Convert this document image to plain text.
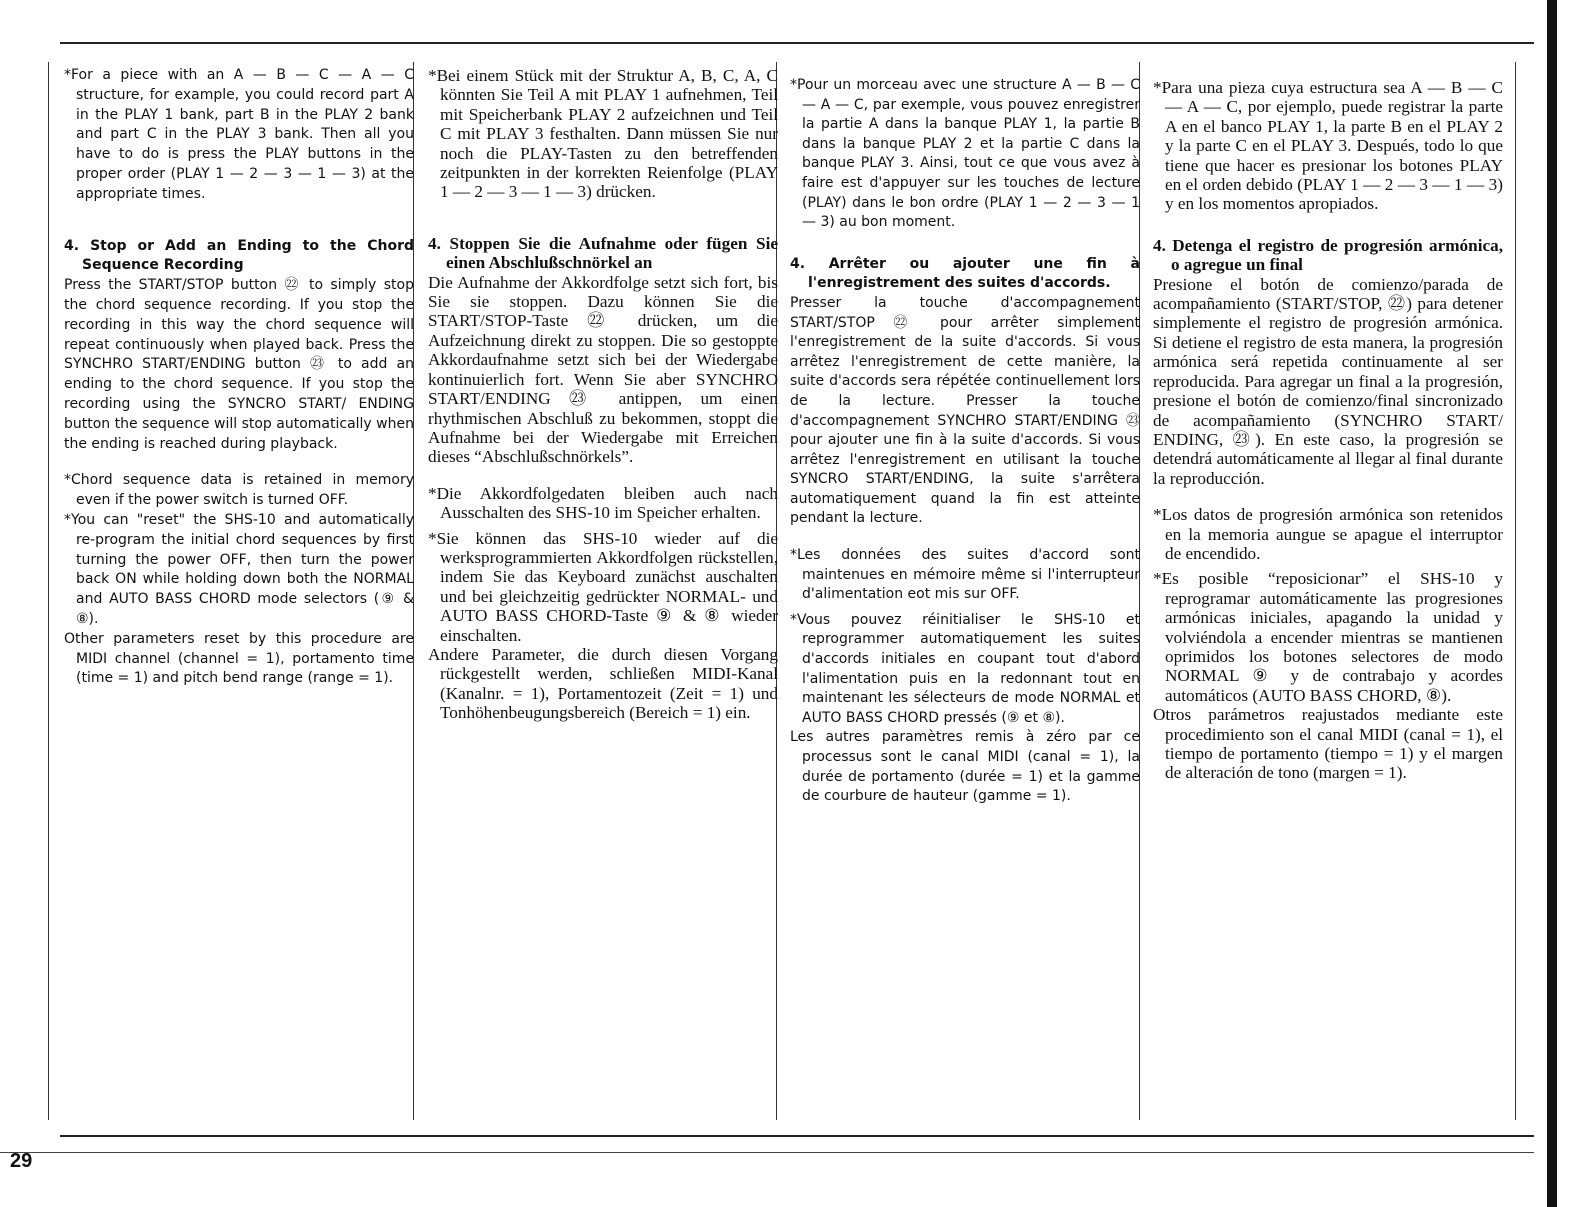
*For a piece with an A — B — C — A — C structure, for example, you could record part A in the PLAY 1 bank, part B in the PLAY 2 bank and part C in the PLAY 3 bank. Then all you have to do is press the PLAY buttons in the proper order (PLAY 1 — 2 — 3 — 1 — 3) at the appropriate times.

4. Stop or Add an Ending to the Chord Sequence Recording

Press the START/STOP button ㉒ to simply stop the chord sequence recording. If you stop the recording in this way the chord sequence will repeat continuously when played back. Press the SYNCHRO START/ENDING button ㉓ to add an ending to the chord sequence. If you stop the recording using the SYNCRO START/ ENDING button the sequence will stop automatically when the ending is reached during playback.

*Chord sequence data is retained in memory even if the power switch is turned OFF.

*You can "reset" the SHS-10 and automatically re-program the initial chord sequences by first turning the power OFF, then turn the power back ON while holding down both the NORMAL and AUTO BASS CHORD mode selectors (⑨ & ⑧).

Other parameters reset by this procedure are MIDI channel (channel = 1), portamento time (time = 1) and pitch bend range (range = 1).

*Bei einem Stück mit der Struktur A, B, C, A, C könnten Sie Teil A mit PLAY 1 aufnehmen, Teil mit Speicherbank PLAY 2 aufzeichnen und Teil C mit PLAY 3 festhalten. Dann müssen Sie nur noch die PLAY-Tasten zu den betreffenden zeitpunkten in der korrekten Reienfolge (PLAY 1 — 2 — 3 — 1 — 3) drücken.

4. Stoppen Sie die Aufnahme oder fügen Sie einen Abschlußschnörkel an

Die Aufnahme der Akkordfolge setzt sich fort, bis Sie sie stoppen. Dazu können Sie die START/STOP-Taste ㉒ drücken, um die Aufzeichnung direkt zu stoppen. Die so gestoppte Akkordaufnahme setzt sich bei der Wiedergabe kontinuierlich fort. Wenn Sie aber SYNCHRO START/ENDING ㉓ antippen, um einen rhythmischen Abschluß zu bekommen, stoppt die Aufnahme bei der Wiedergabe mit Erreichen dieses “Abschlußschnörkels”.

*Die Akkordfolgedaten bleiben auch nach Ausschalten des SHS-10 im Speicher erhalten.

*Sie können das SHS-10 wieder auf die werksprogrammierten Akkordfolgen rückstellen, indem Sie das Keyboard zunächst auschalten und bei gleichzeitig gedrückter NORMAL- und AUTO BASS CHORD-Taste ⑨ & ⑧ wieder einschalten.

Andere Parameter, die durch diesen Vorgang rückgestellt werden, schließen MIDI-Kanal (Kanalnr. = 1), Portamentozeit (Zeit = 1) und Tonhöhenbeugungsbereich (Bereich = 1) ein.

*Pour un morceau avec une structure A — B — C — A — C, par exemple, vous pouvez enregistrer la partie A dans la banque PLAY 1, la partie B dans la banque PLAY 2 et la partie C dans la banque PLAY 3. Ainsi, tout ce que vous avez à faire est d'appuyer sur les touches de lecture (PLAY) dans le bon ordre (PLAY 1 — 2 — 3 — 1 — 3) au bon moment.

4. Arrêter ou ajouter une fin à l'enregistrement des suites d'accords.

Presser la touche d'accompagnement START/STOP ㉒ pour arrêter simplement l'enregistrement de la suite d'accords. Si vous arrêtez l'enregistrement de cette manière, la suite d'accords sera répétée continuellement lors de la lecture. Presser la touche d'accompagnement SYNCHRO START/ENDING ㉓ pour ajouter une fin à la suite d'accords. Si vous arrêtez l'enregistrement en utilisant la touche SYNCRO START/ENDING, la suite s'arrêtera automatiquement quand la fin est atteinte pendant la lecture.

*Les données des suites d'accord sont maintenues en mémoire même si l'interrupteur d'alimentation eot mis sur OFF.

*Vous pouvez réinitialiser le SHS-10 et reprogrammer automatiquement les suites d'accords initiales en coupant tout d'abord l'alimentation puis en la redonnant tout en maintenant les sélecteurs de mode NORMAL et AUTO BASS CHORD pressés (⑨ et ⑧).

Les autres paramètres remis à zéro par ce processus sont le canal MIDI (canal = 1), la durée de portamento (durée = 1) et la gamme de courbure de hauteur (gamme = 1).

*Para una pieza cuya estructura sea A — B — C — A — C, por ejemplo, puede registrar la parte A en el banco PLAY 1, la parte B en el PLAY 2 y la parte C en el PLAY 3. Después, todo lo que tiene que hacer es presionar los botones PLAY en el orden debido (PLAY 1 — 2 — 3 — 1 — 3) y en los momentos apropiados.

4. Detenga el registro de progresión armónica, o agregue un final

Presione el botón de comienzo/parada de acompañamiento (START/STOP, ㉒) para detener simplemente el registro de progresión armónica. Si detiene el registro de esta manera, la progresión armónica será repetida continuamente al ser reproducida. Para agregar un final a la progresión, presione el botón de comienzo/final sincronizado de acompañamiento (SYNCHRO START/ ENDING, ㉓). En este caso, la progresión se detendrá automáticamente al llegar al final durante la reproducción.

*Los datos de progresión armónica son retenidos en la memoria aungue se apague el interruptor de encendido.

*Es posible “reposicionar” el SHS-10 y reprogramar automáticamente las progresiones armónicas iniciales, apagando la unidad y volviéndola a encender mientras se mantienen oprimidos los botones selectores de modo NORMAL ⑨ y de contrabajo y acordes automáticos (AUTO BASS CHORD, ⑧).

Otros parámetros reajustados mediante este procedimiento son el canal MIDI (canal = 1), el tiempo de portamento (tiempo = 1) y el margen de alteración de tono (margen = 1).

29
